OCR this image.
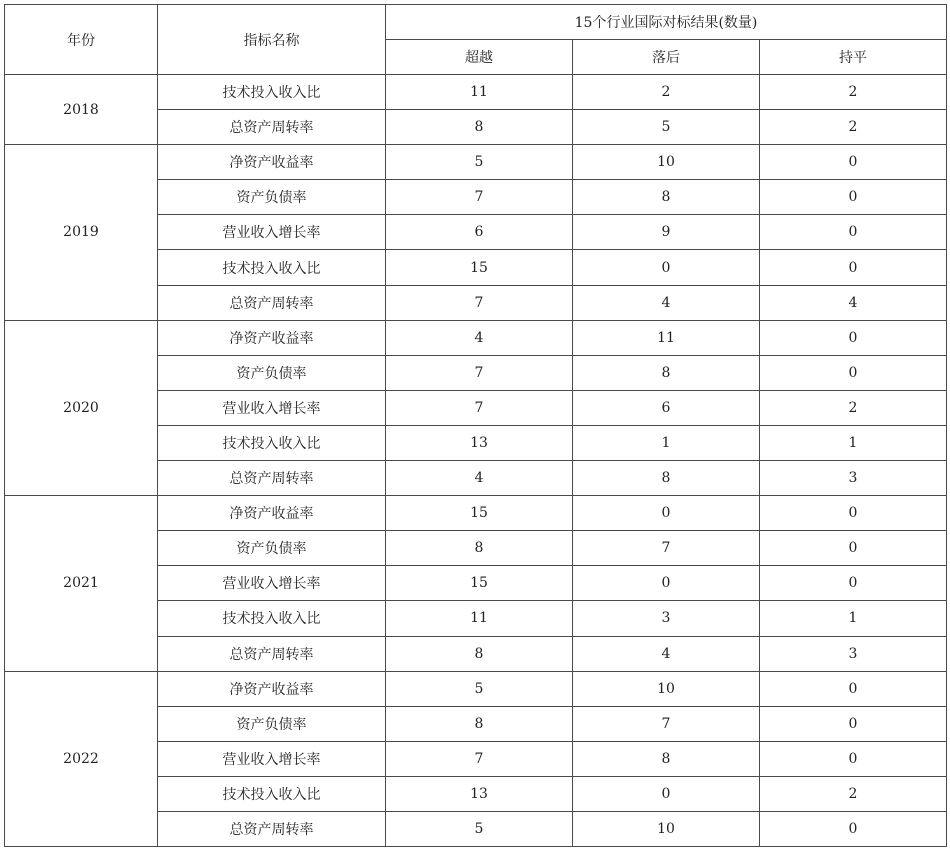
年份	指标名称	15个行业国际对标结果(数量)		
		超越	落后	持平
2018	技术投入收入比	11	2	2
	总资产周转率	8	5	2
2019	净资产收益率	5	10	0
	资产负债率	7	8	0
	营业收入增长率	6	9	0
	技术投入收入比	15	0	0
	总资产周转率	7	4	4
2020	净资产收益率	4	11	0
	资产负债率	7	8	0
	营业收入增长率	7	6	2
	技术投入收入比	13	1	1
	总资产周转率	4	8	3
2021	净资产收益率	15	0	0
	资产负债率	8	7	0
	营业收入增长率	15	0	0
	技术投入收入比	11	3	1
	总资产周转率	8	4	3
2022	净资产收益率	5	10	0
	资产负债率	8	7	0
	营业收入增长率	7	8	0
	技术投入收入比	13	0	2
	总资产周转率	5	10	0
